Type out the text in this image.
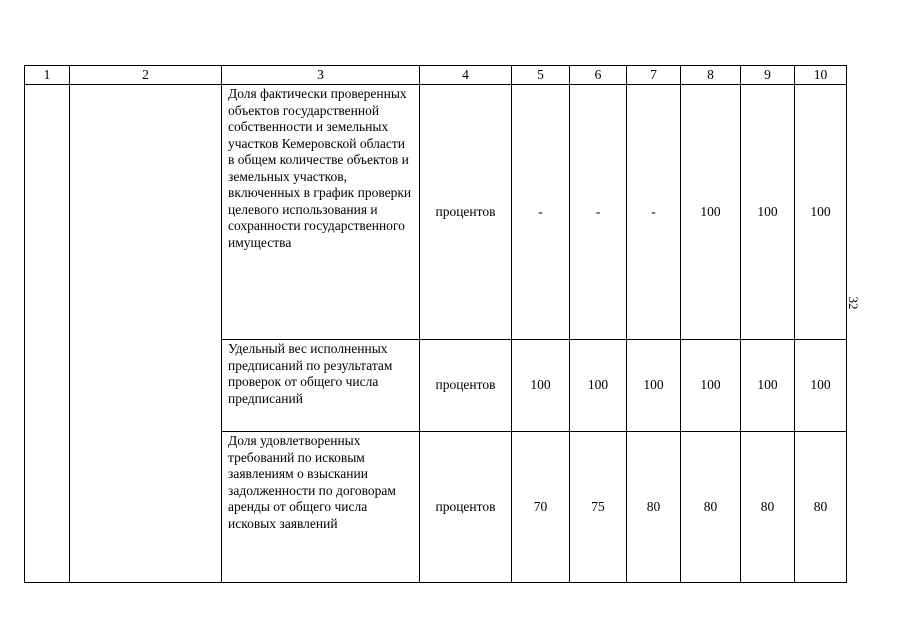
1	2	3	4	5	6	7	8	9	10
		Доля фактически проверенных объектов государственной собственности и земельных участков Кемеровской области в общем количестве объектов и земельных участков, включенных в график проверки целевого использования и сохранности государственного имущества	процентов	-	-	-	100	100	100
		Удельный вес исполненных предписаний по результатам проверок от общего числа предписаний	процентов	100	100	100	100	100	100
		Доля удовлетворенных требований по исковым заявлениям о взыскании задолженности по договорам аренды от общего числа исковых заявлений	процентов	70	75	80	80	80	80
32
